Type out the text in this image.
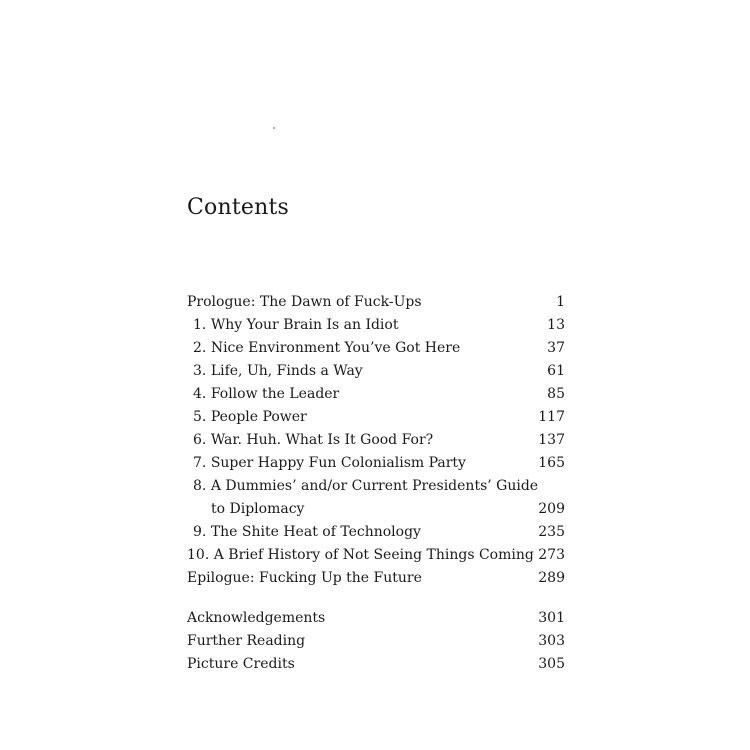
Contents
Prologue: The Dawn of Fuck-Ups	1
1. Why Your Brain Is an Idiot	13
2. Nice Environment You’ve Got Here	37
3. Life, Uh, Finds a Way	61
4. Follow the Leader	85
5. People Power	117
6. War. Huh. What Is It Good For?	137
7. Super Happy Fun Colonialism Party	165
8. A Dummies’ and/or Current Presidents’ Guide
to Diplomacy	209
9. The Shite Heat of Technology	235
10. A Brief History of Not Seeing Things Coming 273
Epilogue: Fucking Up the Future	289
Acknowledgements	301
Further Reading	303
Picture Credits	305
